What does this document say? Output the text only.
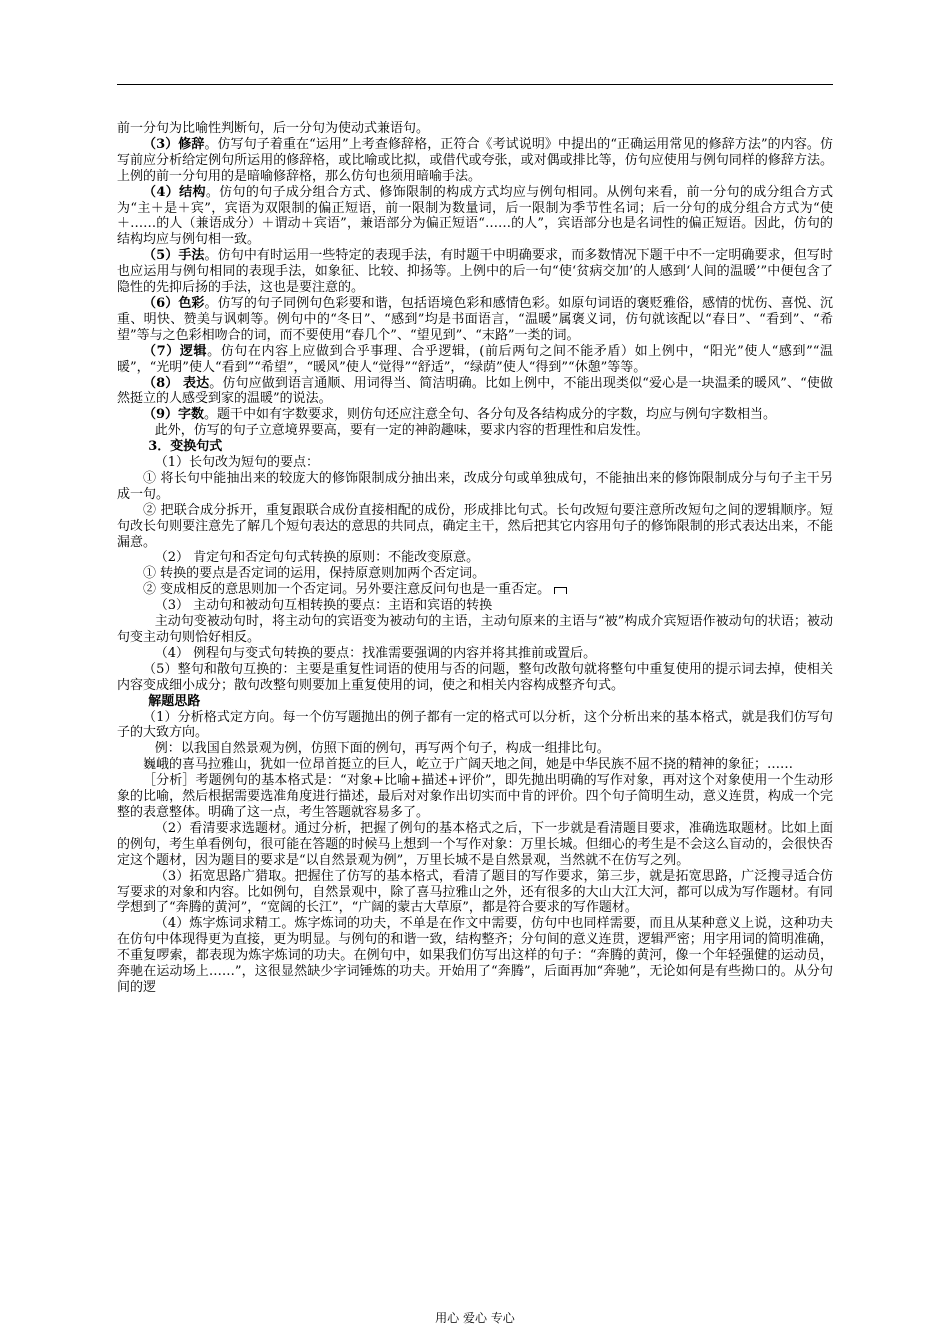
前一分句为比喻性判断句，后一分句为使动式兼语句。

（3）修辞。仿写句子着重在“运用”上考查修辞格，正符合《考试说明》中提出的“正确运用常见的修辞方法”的内容。仿写前应分析给定例句所运用的修辞格，或比喻或比拟，或借代或夸张，或对偶或排比等，仿句应使用与例句同样的修辞方法。上例的前一分句用的是暗喻修辞格，那么仿句也须用暗喻手法。

（4）结构。仿句的句子成分组合方式、修饰限制的构成方式均应与例句相同。从例句来看，前一分句的成分组合方式为“主＋是＋宾”，宾语为双限制的偏正短语，前一限制为数量词，后一限制为季节性名词；后一分句的成分组合方式为“使＋……的人（兼语成分）＋谓动＋宾语”，兼语部分为偏正短语“……的人”，宾语部分也是名词性的偏正短语。因此，仿句的结构均应与例句相一致。

（5）手法。仿句中有时运用一些特定的表现手法，有时题干中明确要求，而多数情况下题干中不一定明确要求，但写时也应运用与例句相同的表现手法，如象征、比较、抑扬等。上例中的后一句“使‘贫病交加’的人感到‘人间的温暖’”中便包含了隐性的先抑后扬的手法，这也是要注意的。

（6）色彩。仿写的句子同例句色彩要和谐，包括语境色彩和感情色彩。如原句词语的褒贬雅俗，感情的忧伤、喜悦、沉重、明快、赞美与讽刺等。例句中的“冬日”、“感到”均是书面语言，“温暖”属褒义词，仿句就该配以“春日”、“看到”、“希望”等与之色彩相吻合的词，而不要使用“春几个”、“望见到”、“末路”一类的词。

（7）逻辑。仿句在内容上应做到合乎事理、合乎逻辑，(前后两句之间不能矛盾）如上例中，“阳光”使人“感到”“温暖”，“光明”使人“看到”“希望”，“暖风”使人“觉得”“舒适”，“绿荫”使人“得到”“休憩”等等。

（8） 表达。仿句应做到语言通顺、用词得当、简洁明确。比如上例中，不能出现类似“爱心是一块温柔的暖风”、“使做然挺立的人感受到家的温暖”的说法。

（9）字数。题干中如有字数要求，则仿句还应注意全句、各分句及各结构成分的字数，均应与例句字数相当。

此外，仿写的句子立意境界要高，要有一定的神韵趣味，要求内容的哲理性和启发性。

3．变换句式

（1）长句改为短句的要点：

① 将长句中能抽出来的较庞大的修饰限制成分抽出来，改成分句或单独成句，不能抽出来的修饰限制成分与句子主干另成一句。

② 把联合成分拆开，重复跟联合成份直接相配的成份，形成排比句式。长句改短句要注意所改短句之间的逻辑顺序。短句改长句则要注意先了解几个短句表达的意思的共同点，确定主干，然后把其它内容用句子的修饰限制的形式表达出来，不能漏意。

（2） 肯定句和否定句句式转换的原则：不能改变原意。

① 转换的要点是否定词的运用，保持原意则加两个否定词。

② 变成相反的意思则加一个否定词。另外要注意反问句也是一重否定。

（3） 主动句和被动句互相转换的要点：主语和宾语的转换

主动句变被动句时，将主动句的宾语变为被动句的主语，主动句原来的主语与“被”构成介宾短语作被动句的状语；被动句变主动句则恰好相反。

（4） 例程句与变式句转换的要点：找准需要强调的内容并将其推前或置后。

（5）整句和散句互换的：主要是重复性词语的使用与否的问题，整句改散句就将整句中重复使用的提示词去掉，使相关内容变成细小成分；散句改整句则要加上重复使用的词，使之和相关内容构成整齐句式。

解题思路

（1）分析格式定方向。每一个仿写题抛出的例子都有一定的格式可以分析，这个分析出来的基本格式，就是我们仿写句子的大致方向。

例：以我国自然景观为例，仿照下面的例句，再写两个句子，构成一组排比句。

巍峨的喜马拉雅山，犹如一位昂首挺立的巨人，屹立于广阔天地之间，她是中华民族不屈不挠的精神的象征；……

［分析］考题例句的基本格式是：“对象+比喻+描述+评价”，即先抛出明确的写作对象，再对这个对象使用一个生动形象的比喻，然后根据需要选准角度进行描述，最后对对象作出切实而中肯的评价。四个句子简明生动，意义连贯，构成一个完整的表意整体。明确了这一点，考生答题就容易多了。

（2）看清要求选题材。通过分析，把握了例句的基本格式之后，下一步就是看清题目要求，准确选取题材。比如上面的例句，考生单看例句，很可能在答题的时候马上想到一个写作对象：万里长城。但细心的考生是不会这么盲动的，会很快否定这个题材，因为题目的要求是“以自然景观为例”，万里长城不是自然景观，当然就不在仿写之列。

（3）拓宽思路广猎取。把握住了仿写的基本格式，看清了题目的写作要求，第三步，就是拓宽思路，广泛搜寻适合仿写要求的对象和内容。比如例句，自然景观中，除了喜马拉雅山之外，还有很多的大山大江大河，都可以成为写作题材。有同学想到了“奔腾的黄河”，“宽阔的长江”，“广阔的蒙古大草原”，都是符合要求的写作题材。

（4）炼字炼词求精工。炼字炼词的功夫，不单是在作文中需要，仿句中也同样需要，而且从某种意义上说，这种功夫在仿句中体现得更为直接，更为明显。与例句的和谐一致，结构整齐；分句间的意义连贯，逻辑严密；用字用词的简明准确，不重复啰索，都表现为炼字炼词的功夫。在例句中，如果我们仿写出这样的句子：“奔腾的黄河，像一个年轻强健的运动员，奔驰在运动场上……”，这很显然缺少字词锤炼的功夫。开始用了“奔腾”，后面再加“奔驰”，无论如何是有些拗口的。从分句间的逻

用心 爱心 专心
